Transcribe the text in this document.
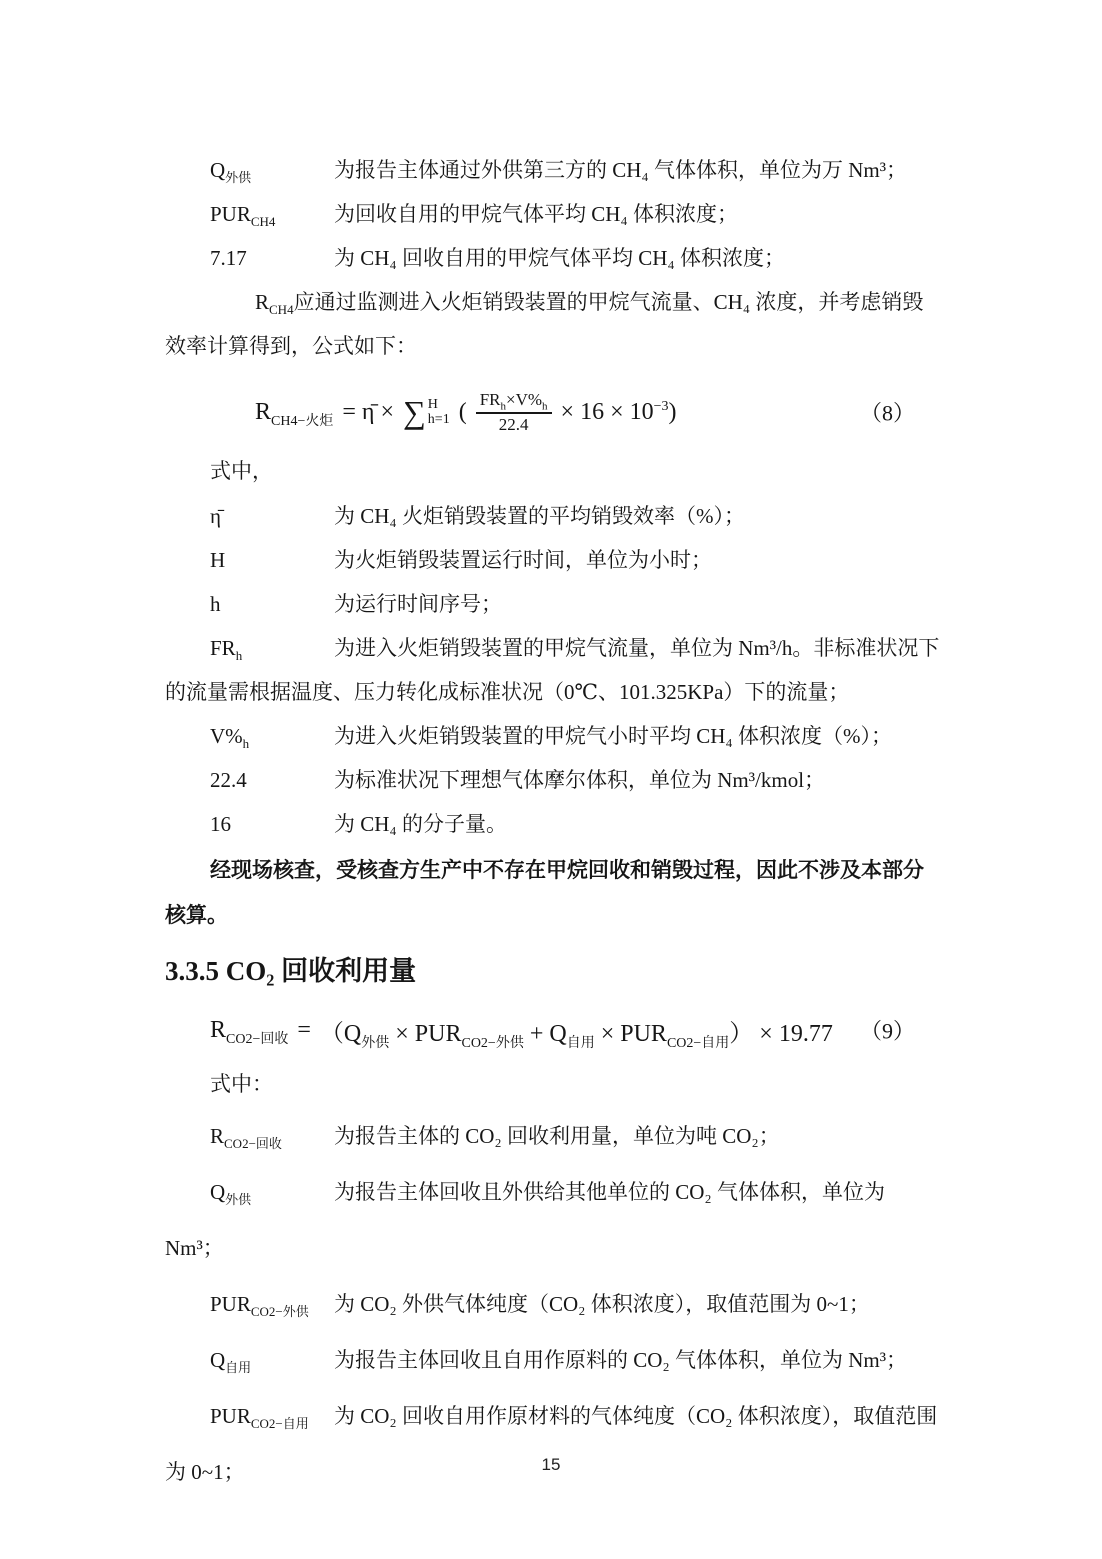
$Q_{外供}$	为报告主体通过外供第三方的 CH₄ 气体体积，单位为万 Nm³；

$PUR_{CH4}$	为回收自用的甲烷气体平均 CH₄ 体积浓度；

7.17	为 CH₄ 回收自用的甲烷气体平均 CH₄ 体积浓度；

$R_{CH4}$应通过监测进入火炬销毁装置的甲烷气流量、CH₄ 浓度，并考虑销毁效率计算得到，公式如下：

$R_{CH4-火炬}$ = η̄ × ∑ H
h=1 ( $\frac{FR_h\times V\%_h}{22.4} \times 16 \times 10^{-3}$)	（8）

式中，

η̄	为 CH₄ 火炬销毁装置的平均销毁效率（%）；

H	为火炬销毁装置运行时间，单位为小时；

h	为运行时间序号；

$FR_h$	为进入火炬销毁装置的甲烷气流量，单位为 Nm³/h。非标准状况下的流量需根据温度、压力转化成标准状况（0℃、101.325KPa）下的流量；

$V\%_h$	为进入火炬销毁装置的甲烷气小时平均 CH₄ 体积浓度（%）；

22.4	为标准状况下理想气体摩尔体积，单位为 Nm³/kmol；

16	为 CH₄ 的分子量。

经现场核查，受核查方生产中不存在甲烷回收和销毁过程，因此不涉及本部分核算。

3.3.5 CO₂ 回收利用量
$R_{CO2-回收} = (Q_{外供} \times PUR_{CO2-外供} + Q_{自用} \times PUR_{CO2-自用}) \times 19.77$ （9）

式中：

$R_{CO2-回收}$ 为报告主体的 CO₂ 回收利用量，单位为吨 CO₂；

$Q_{外供}$	为报告主体回收且外供给其他单位的 CO₂ 气体体积，单位为 Nm³；

$PUR_{CO2-外供}$ 为 CO₂ 外供气体纯度（CO₂ 体积浓度），取值范围为 0~1；

$Q_{自用}$	为报告主体回收且自用作原料的 CO₂ 气体体积，单位为 Nm³；

$PUR_{CO2-自用}$ 为 CO₂ 回收自用作原材料的气体纯度（CO₂ 体积浓度），取值范围为 0~1；	15
